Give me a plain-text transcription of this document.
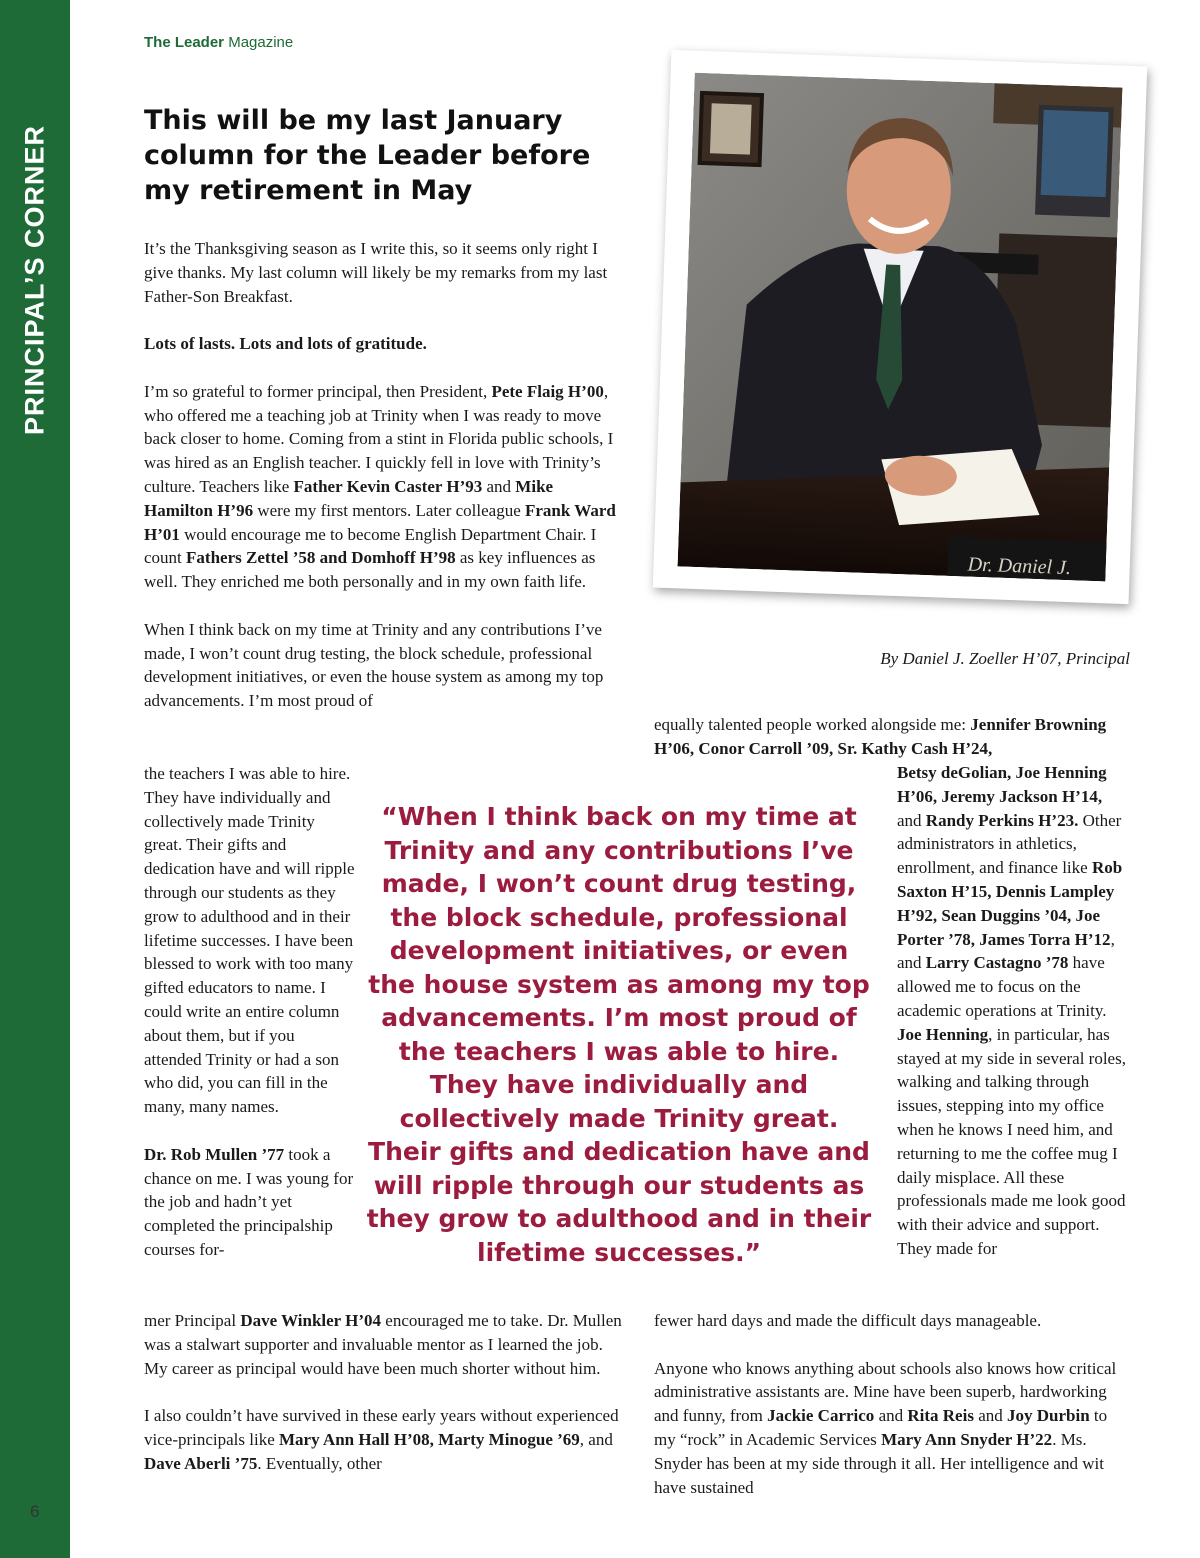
PRINCIPAL’S CORNER
6
The Leader Magazine
This will be my last January column for the Leader before my retirement in May
Dr. Daniel J.
By Daniel J. Zoeller H’07, Principal

It’s the Thanksgiving season as I write this, so it seems only right I give thanks. My last column will likely be my remarks from my last Father-Son Breakfast.

Lots of lasts. Lots and lots of gratitude.

I’m so grateful to former principal, then President, Pete Flaig H’00, who offered me a teaching job at Trinity when I was ready to move back closer to home. Coming from a stint in Florida public schools, I was hired as an English teacher. I quickly fell in love with Trinity’s culture. Teachers like Father Kevin Caster H’93 and Mike Hamilton H’96 were my first mentors. Later colleague Frank Ward H’01 would encourage me to become English Department Chair. I count Fathers Zettel ’58 and Domhoff H’98 as key influences as well. They enriched me both personally and in my own faith life.

When I think back on my time at Trinity and any contributions I’ve made, I won’t count drug testing, the block schedule, professional development initiatives, or even the house system as among my top advancements. I’m most proud of

the teachers I was able to hire. They have individually and collectively made Trinity great. Their gifts and dedication have and will ripple through our students as they grow to adulthood and in their lifetime successes. I have been blessed to work with too many gifted educators to name. I could write an entire column about them, but if you attended Trinity or had a son who did, you can fill in the many, many names.

Dr. Rob Mullen ’77 took a chance on me. I was young for the job and hadn’t yet completed the principalship courses for-

mer Principal Dave Winkler H’04 encouraged me to take. Dr. Mullen was a stalwart supporter and invaluable mentor as I learned the job. My career as principal would have been much shorter without him.

I also couldn’t have survived in these early years without experienced vice-principals like Mary Ann Hall H’08, Marty Minogue ’69, and Dave Aberli ’75. Eventually, other

equally talented people worked alongside me: Jennifer Browning H’06, Conor Carroll ’09, Sr. Kathy Cash H’24,

Betsy deGolian, Joe Henning H’06, Jeremy Jackson H’14, and Randy Perkins H’23. Other administrators in athletics, enrollment, and finance like Rob Saxton H’15, Dennis Lampley H’92, Sean Duggins ’04, Joe Porter ’78, James Torra H’12, and Larry Castagno ’78 have allowed me to focus on the academic operations at Trinity. Joe Henning, in particular, has stayed at my side in several roles, walking and talking through issues, stepping into my office when he knows I need him, and returning to me the coffee mug I daily misplace. All these professionals made me look good with their advice and support. They made for

fewer hard days and made the difficult days manageable.

Anyone who knows anything about schools also knows how critical administrative assistants are. Mine have been superb, hardworking and funny, from Jackie Carrico and Rita Reis and Joy Durbin to my “rock” in Academic Services Mary Ann Snyder H’22. Ms. Snyder has been at my side through it all. Her intelligence and wit have sustained

“When I think back on my time at Trinity and any contributions I’ve made, I won’t count drug testing, the block schedule, professional development initiatives, or even the house system as among my top advancements. I’m most proud of the teachers I was able to hire. They have individually and collectively made Trinity great. Their gifts and dedication have and will ripple through our students as they grow to adulthood and in their lifetime successes.”
